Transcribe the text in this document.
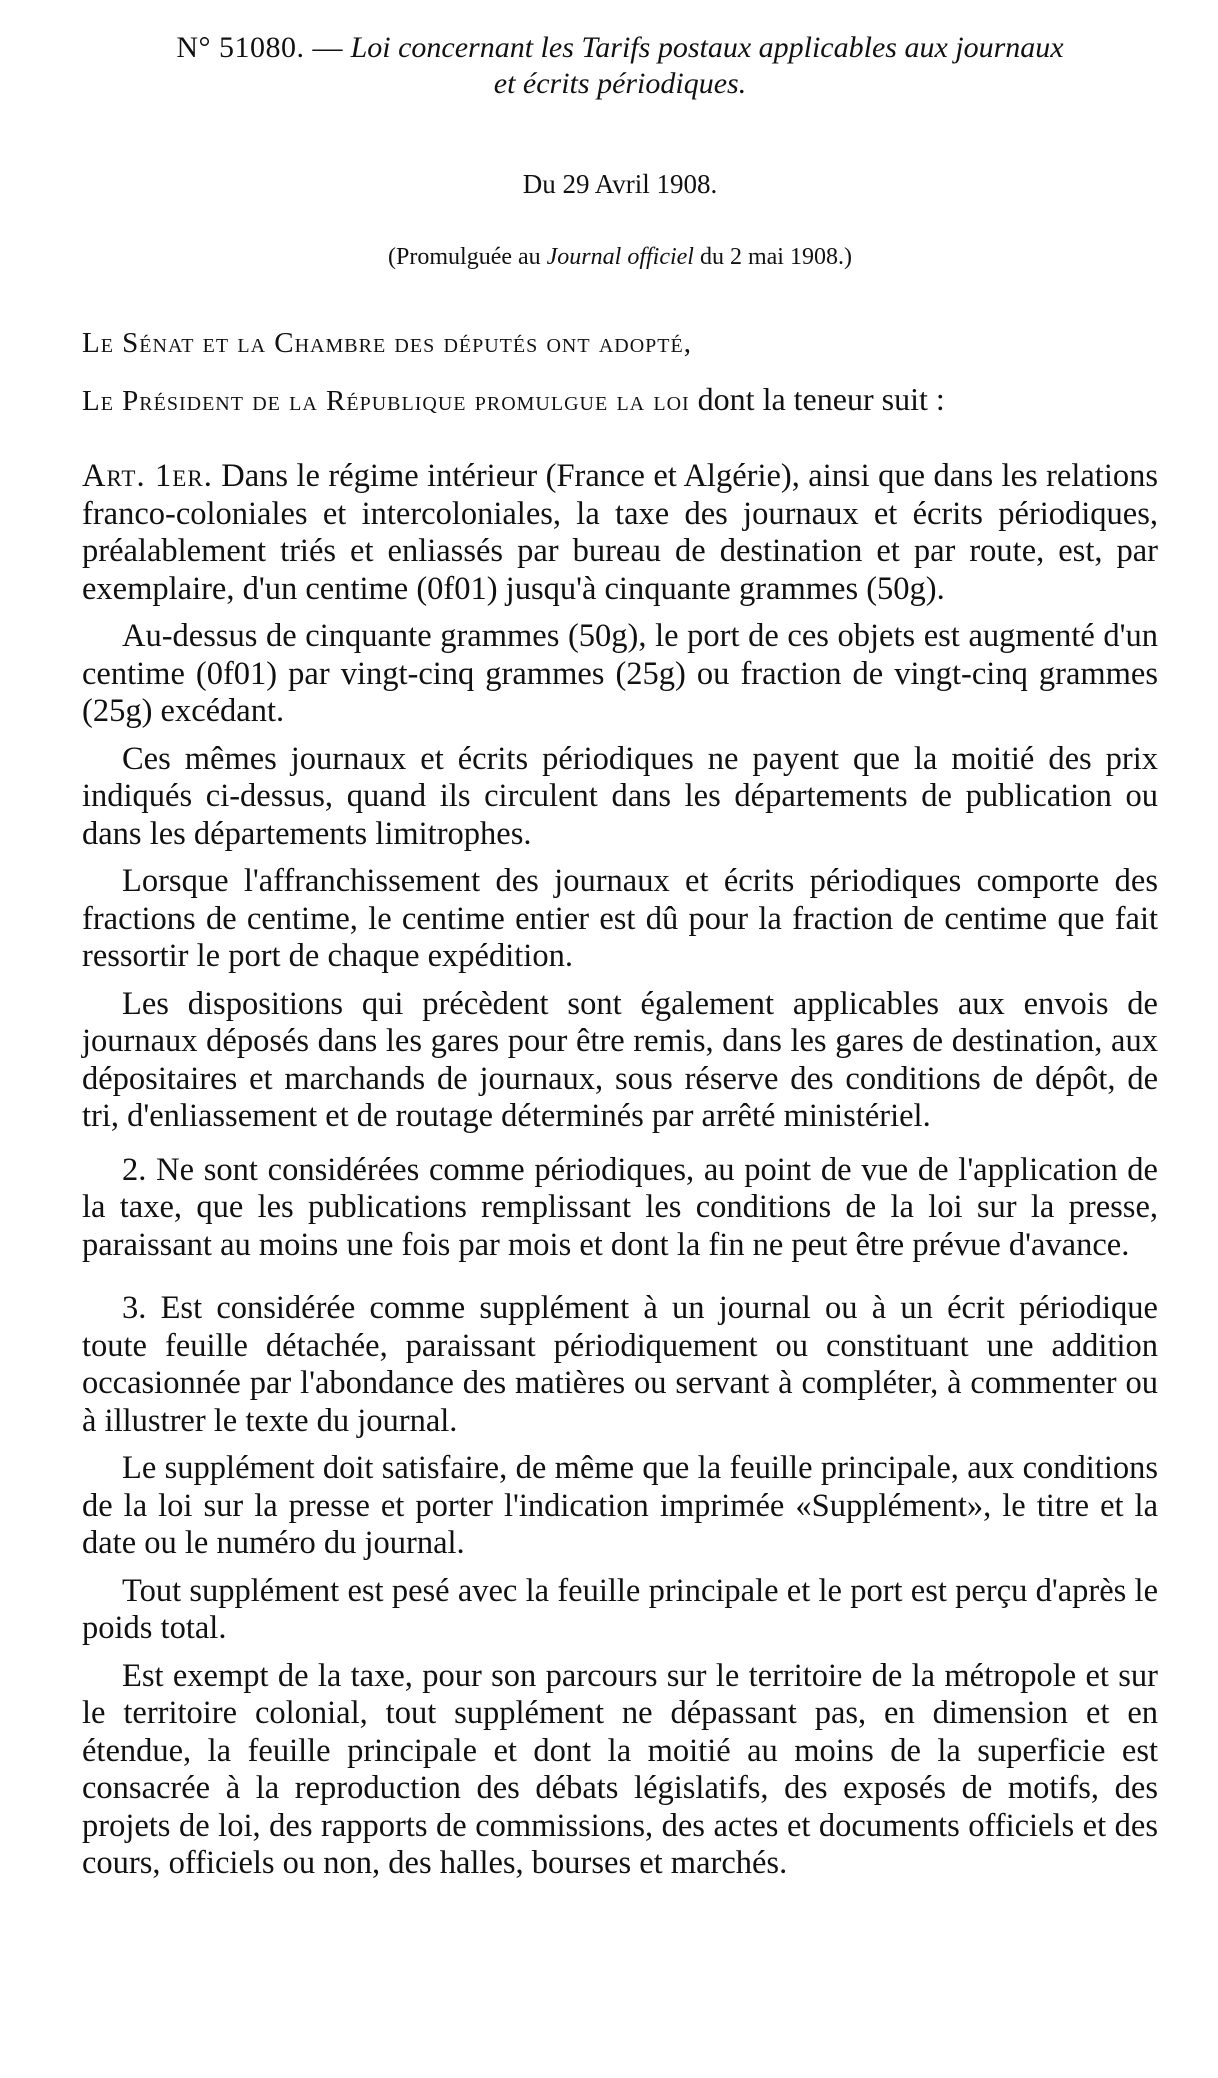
N° 51080. — Loi concernant les Tarifs postaux applicables aux journaux

et écrits périodiques.

Du 29 Avril 1908.
(Promulguée au Journal officiel du 2 mai 1908.)
Le Sénat et la Chambre des députés ont adopté,
Le Président de la République promulgue la loi dont la teneur suit :

Art. 1er. Dans le régime intérieur (France et Algérie), ainsi que dans les relations franco-coloniales et intercoloniales, la taxe des journaux et écrits périodiques, préalablement triés et enliassés par bureau de destination et par route, est, par exemplaire, d'un centime (0f01) jusqu'à cinquante grammes (50g).

Au-dessus de cinquante grammes (50g), le port de ces objets est augmenté d'un centime (0f01) par vingt-cinq grammes (25g) ou fraction de vingt-cinq grammes (25g) excédant.

Ces mêmes journaux et écrits périodiques ne payent que la moitié des prix indiqués ci-dessus, quand ils circulent dans les départements de publication ou dans les départements limitrophes.

Lorsque l'affranchissement des journaux et écrits périodiques comporte des fractions de centime, le centime entier est dû pour la fraction de centime que fait ressortir le port de chaque expédition.

Les dispositions qui précèdent sont également applicables aux envois de journaux déposés dans les gares pour être remis, dans les gares de destination, aux dépositaires et marchands de journaux, sous réserve des conditions de dépôt, de tri, d'enliassement et de routage déterminés par arrêté ministériel.

2. Ne sont considérées comme périodiques, au point de vue de l'application de la taxe, que les publications remplissant les conditions de la loi sur la presse, paraissant au moins une fois par mois et dont la fin ne peut être prévue d'avance.

3. Est considérée comme supplément à un journal ou à un écrit périodique toute feuille détachée, paraissant périodiquement ou constituant une addition occasionnée par l'abondance des matières ou servant à compléter, à commenter ou à illustrer le texte du journal.

Le supplément doit satisfaire, de même que la feuille principale, aux conditions de la loi sur la presse et porter l'indication imprimée «Supplément», le titre et la date ou le numéro du journal.

Tout supplément est pesé avec la feuille principale et le port est perçu d'après le poids total.

Est exempt de la taxe, pour son parcours sur le territoire de la métropole et sur le territoire colonial, tout supplément ne dépassant pas, en dimension et en étendue, la feuille principale et dont la moitié au moins de la superficie est consacrée à la reproduction des débats législatifs, des exposés de motifs, des projets de loi, des rapports de commissions, des actes et documents officiels et des cours, officiels ou non, des halles, bourses et marchés.
